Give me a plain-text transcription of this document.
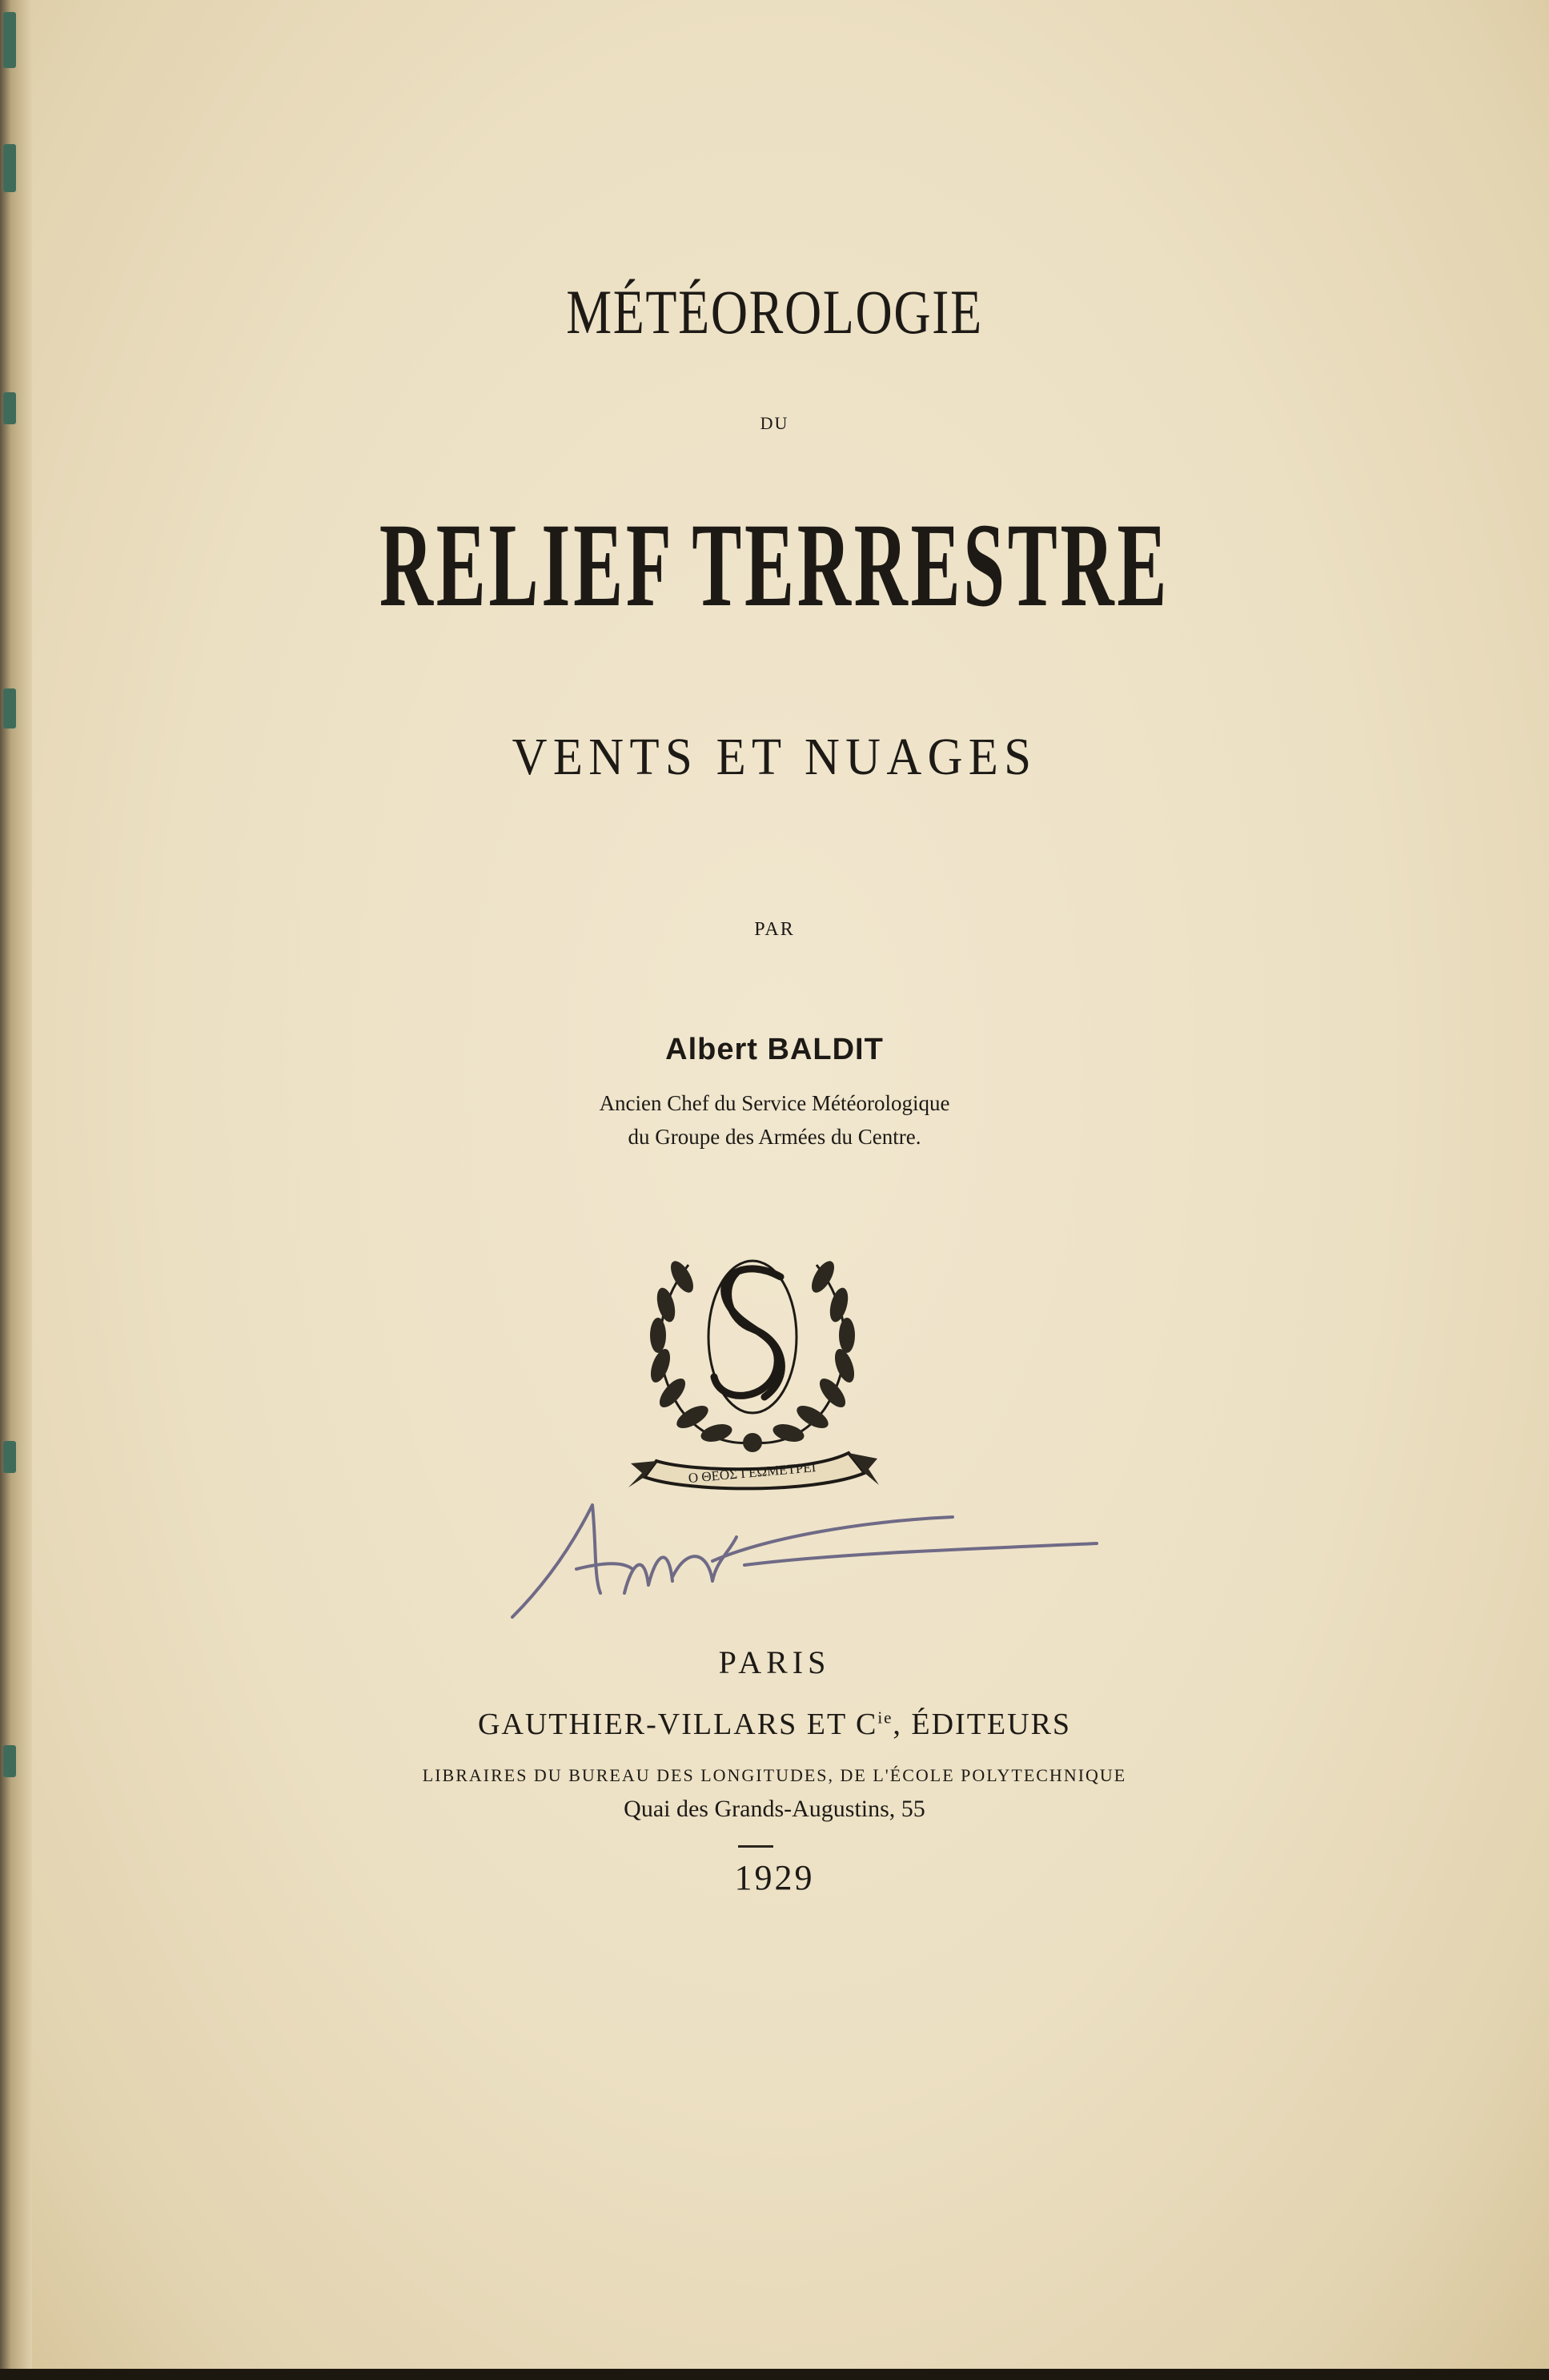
MÉTÉOROLOGIE
DU
RELIEF TERRESTRE
VENTS ET NUAGES
PAR
Albert BALDIT
Ancien Chef du Service Météorologique
du Groupe des Armées du Centre.
Ο ΘΕΟΣ ΓΕΩΜΕΤΡΕΙ
PARIS
GAUTHIER-VILLARS ET $C^{ie}$, ÉDITEURS
LIBRAIRES DU BUREAU DES LONGITUDES, DE L'ÉCOLE POLYTECHNIQUE
Quai des Grands-Augustins, 55
1929
